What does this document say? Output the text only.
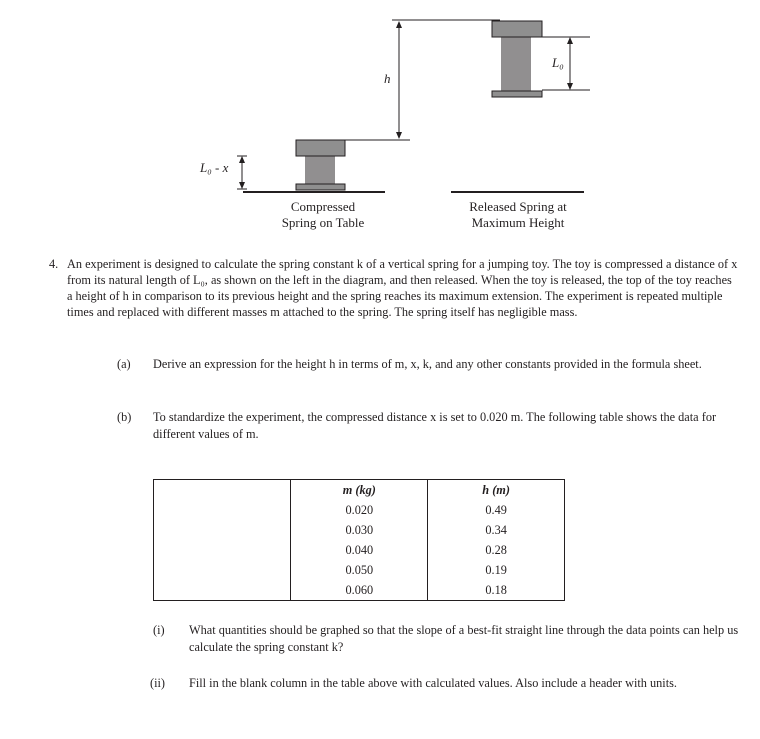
L₀ - x
h
L₀
Compressed
Spring on Table
Released Spring at
Maximum Height
4. An experiment is designed to calculate the spring constant k of a vertical spring for a jumping toy. The toy is compressed a distance of x from its natural length of L₀, as shown on the left in the diagram, and then released. When the toy is released, the top of the toy reaches a height of h in comparison to its previous height and the spring reaches its maximum extension. The experiment is repeated multiple times and replaced with different masses m attached to the spring. The spring itself has negligible mass.
(a) Derive an expression for the height h in terms of m, x, k, and any other constants provided in the formula sheet.
(b) To standardize the experiment, the compressed distance x is set to 0.020 m. The following table shows the data for different values of m.
	m (kg)	h (m)
	0.020	0.49
	0.030	0.34
	0.040	0.28
	0.050	0.19
	0.060	0.18
(i) What quantities should be graphed so that the slope of a best-fit straight line through the data points can help us calculate the spring constant k?
(ii) Fill in the blank column in the table above with calculated values. Also include a header with units.
